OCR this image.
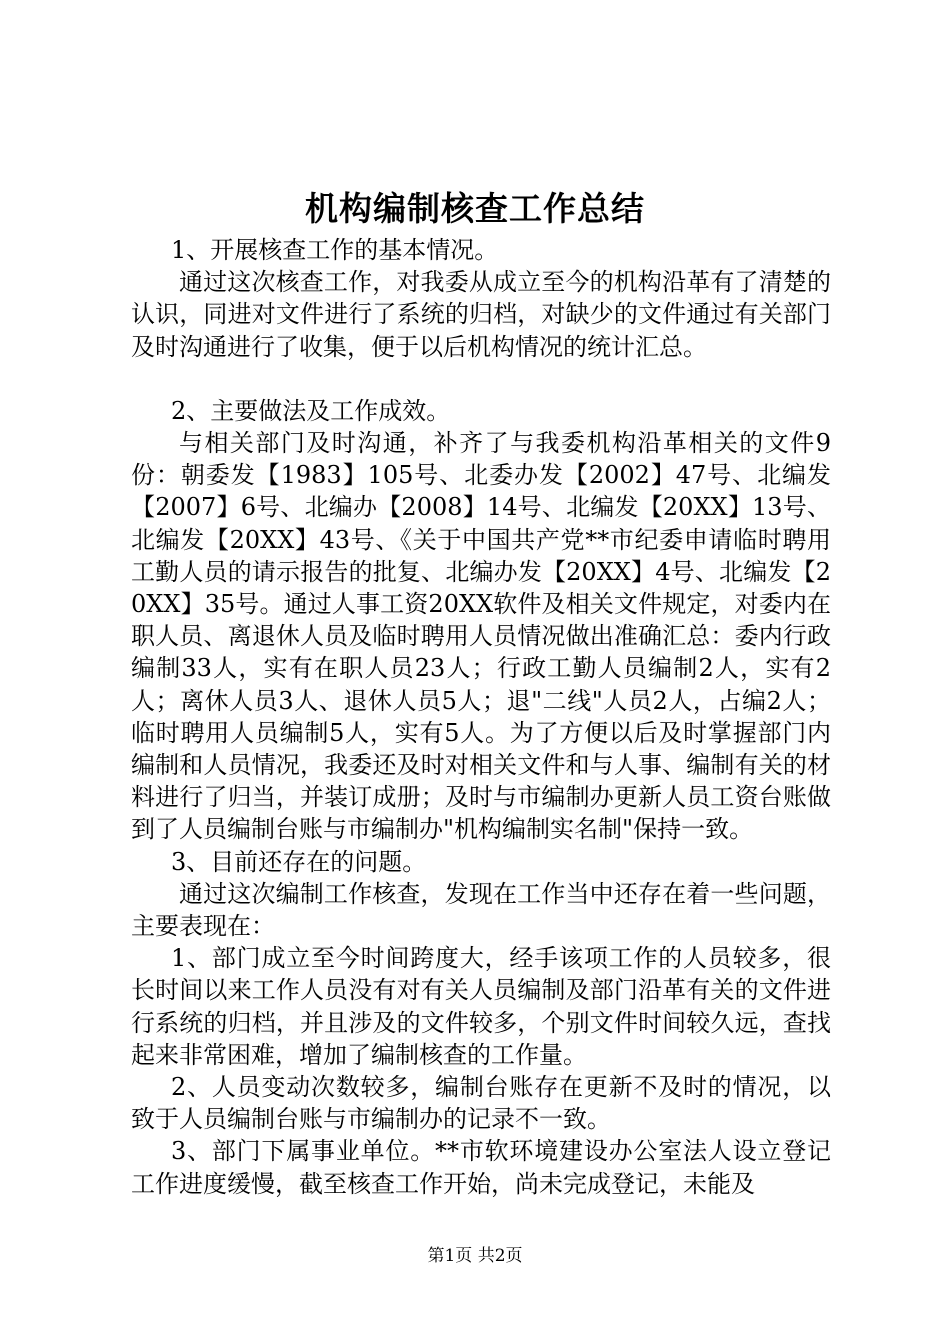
机构编制核查工作总结

1、开展核查工作的基本情况。

通过这次核查工作，对我委从成立至今的机构沿革有了清楚的认识，同进对文件进行了系统的归档，对缺少的文件通过有关部门及时沟通进行了收集，便于以后机构情况的统计汇总。

2、主要做法及工作成效。

与相关部门及时沟通，补齐了与我委机构沿革相关的文件9份：朝委发【1983】105号、北委办发【2002】47号、北编发【2007】6号、北编办【2008】14号、北编发【20XX】13号、北编发【20XX】43号、《关于中国共产党**市纪委申请临时聘用工勤人员的请示报告的批复、北编办发【20XX】4号、北编发【20XX】35号。通过人事工资20XX软件及相关文件规定，对委内在职人员、离退休人员及临时聘用人员情况做出准确汇总：委内行政编制33人，实有在职人员23人；行政工勤人员编制2人，实有2人；离休人员3人、退休人员5人；退"二线"人员2人，占编2人；临时聘用人员编制5人，实有5人。为了方便以后及时掌握部门内编制和人员情况，我委还及时对相关文件和与人事、编制有关的材料进行了归当，并装订成册；及时与市编制办更新人员工资台账做到了人员编制台账与市编制办"机构编制实名制"保持一致。

3、目前还存在的问题。

通过这次编制工作核查，发现在工作当中还存在着一些问题，主要表现在：

1、部门成立至今时间跨度大，经手该项工作的人员较多，很长时间以来工作人员没有对有关人员编制及部门沿革有关的文件进行系统的归档，并且涉及的文件较多，个别文件时间较久远，查找起来非常困难，增加了编制核查的工作量。

2、人员变动次数较多，编制台账存在更新不及时的情况，以致于人员编制台账与市编制办的记录不一致。

3、部门下属事业单位。**市软环境建设办公室法人设立登记工作进度缓慢，截至核查工作开始，尚未完成登记，未能及

第1页 共2页
